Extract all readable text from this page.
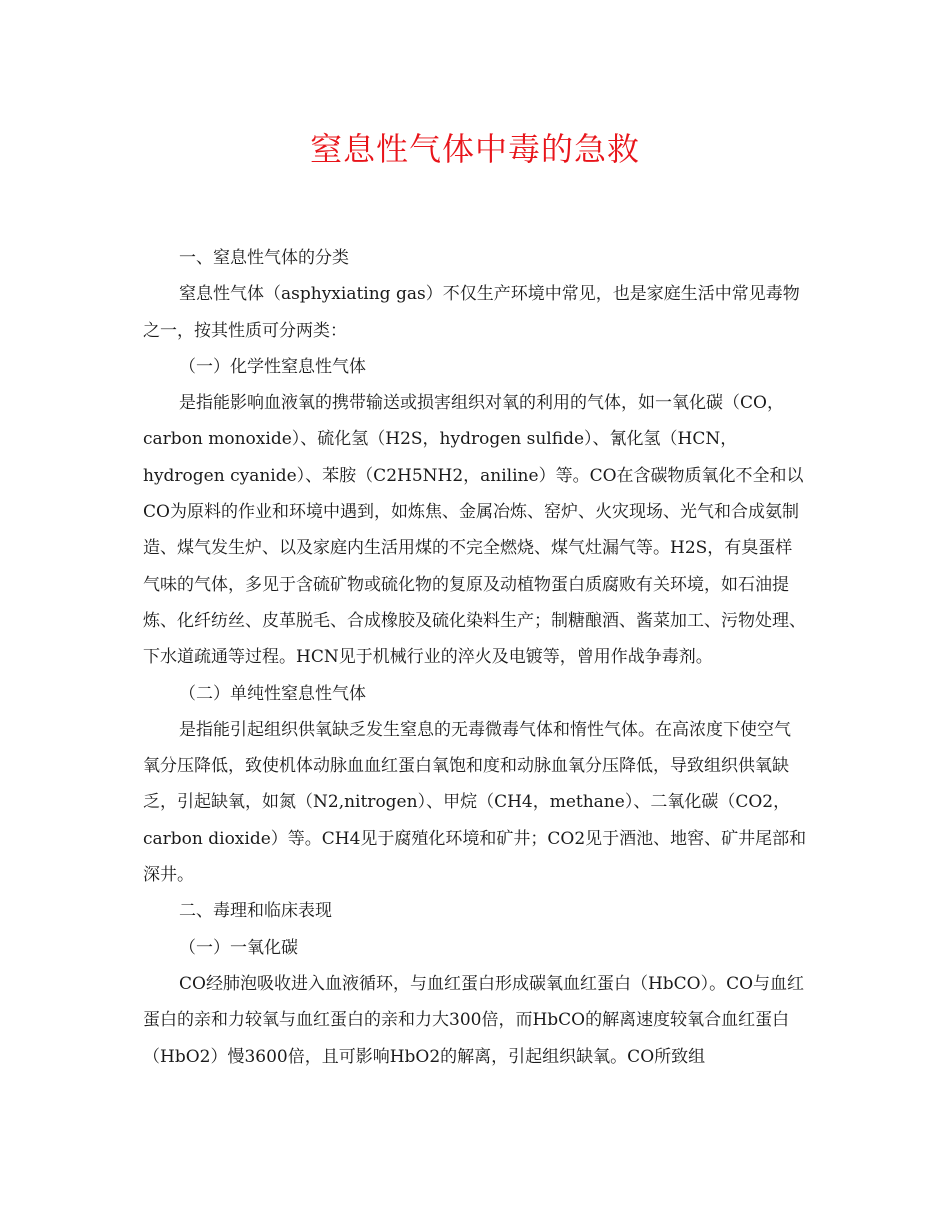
窒息性气体中毒的急救

一、窒息性气体的分类

窒息性气体（asphyxiating gas）不仅生产环境中常见，也是家庭生活中常见毒物之一，按其性质可分两类：

（一）化学性窒息性气体

是指能影响血液氧的携带输送或损害组织对氧的利用的气体，如一氧化碳（CO，carbon monoxide）、硫化氢（H2S，hydrogen sulfide）、氰化氢（HCN，hydrogen cyanide）、苯胺（C2H5NH2，aniline）等。CO在含碳物质氧化不全和以CO为原料的作业和环境中遇到，如炼焦、金属冶炼、窑炉、火灾现场、光气和合成氨制造、煤气发生炉、以及家庭内生活用煤的不完全燃烧、煤气灶漏气等。H2S，有臭蛋样气味的气体，多见于含硫矿物或硫化物的复原及动植物蛋白质腐败有关环境，如石油提炼、化纤纺丝、皮革脱毛、合成橡胶及硫化染料生产；制糖酿酒、酱菜加工、污物处理、下水道疏通等过程。HCN见于机械行业的淬火及电镀等，曾用作战争毒剂。

（二）单纯性窒息性气体

是指能引起组织供氧缺乏发生窒息的无毒微毒气体和惰性气体。在高浓度下使空气氧分压降低，致使机体动脉血血红蛋白氧饱和度和动脉血氧分压降低，导致组织供氧缺乏，引起缺氧，如氮（N2,nitrogen）、甲烷（CH4，methane）、二氧化碳（CO2，carbon dioxide）等。CH4见于腐殖化环境和矿井；CO2见于酒池、地窖、矿井尾部和深井。

二、毒理和临床表现

（一）一氧化碳

CO经肺泡吸收进入血液循环，与血红蛋白形成碳氧血红蛋白（HbCO）。CO与血红蛋白的亲和力较氧与血红蛋白的亲和力大300倍，而HbCO的解离速度较氧合血红蛋白（HbO2）慢3600倍，且可影响HbO2的解离，引起组织缺氧。CO所致组
